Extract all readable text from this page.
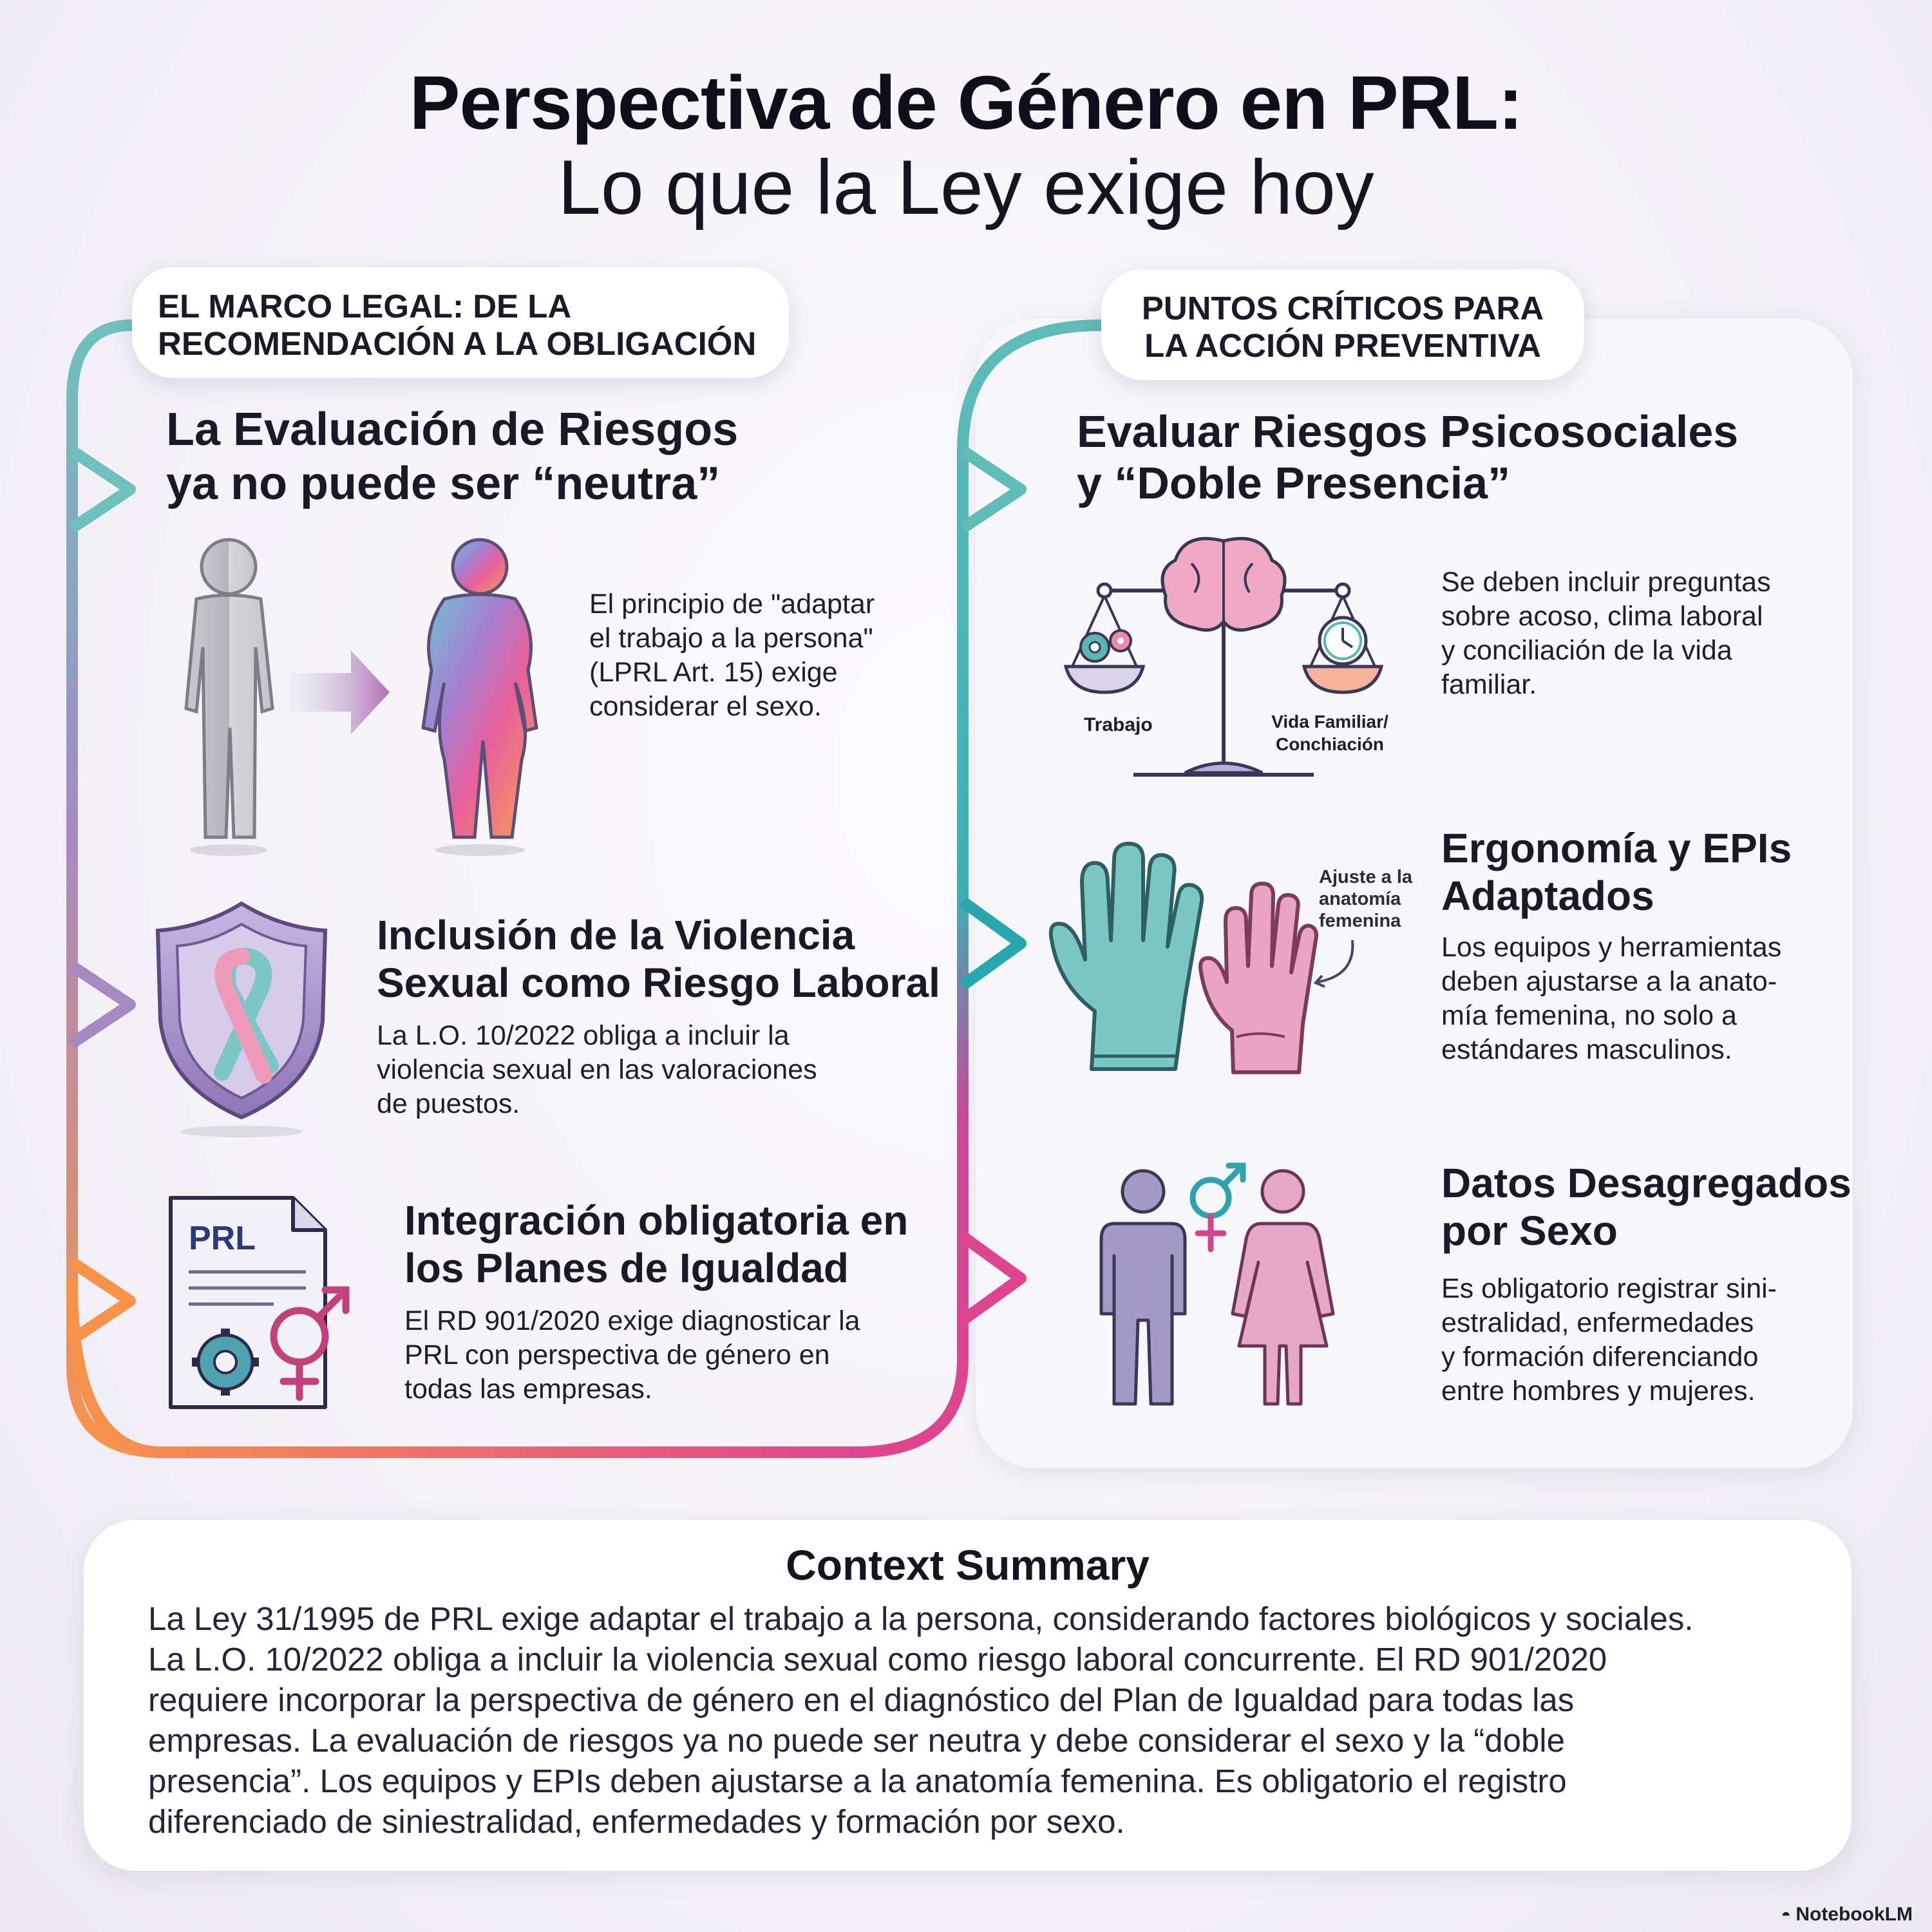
Perspectiva de Género en PRL:
Lo que la Ley exige hoy
EL MARCO LEGAL: DE LA
RECOMENDACIÓN A LA OBLIGACIÓN
PUNTOS CRÍTICOS PARA
LA ACCIÓN PREVENTIVA
La Evaluación de Riesgos
ya no puede ser “neutra”
El principio de "adaptar
el trabajo a la persona"
(LPRL Art. 15) exige
considerar el sexo.
Inclusión de la Violencia
Sexual como Riesgo Laboral
La L.O. 10/2022 obliga a incluir la
violencia sexual en las valoraciones
de puestos.
PRL	Integración obligatoria en
los Planes de Igualdad
El RD 901/2020 exige diagnosticar la
PRL con perspectiva de género en
todas las empresas.
Evaluar Riesgos Psicosociales
y “Doble Presencia”
Trabajo	Vida Familiar/
Conchiación
Se deben incluir preguntas
sobre acoso, clima laboral
y conciliación de la vida
familiar.
Ajuste a la
anatomía
femenina
Ergonomía y EPIs
Adaptados
Los equipos y herramientas
deben ajustarse a la anato-
mía femenina, no solo a
estándares masculinos.
Datos Desagregados
por Sexo
Es obligatorio registrar sini-
estralidad, enfermedades
y formación diferenciando
entre hombres y mujeres.
Context Summary
La Ley 31/1995 de PRL exige adaptar el trabajo a la persona, considerando factores biológicos y sociales.
La L.O. 10/2022 obliga a incluir la violencia sexual como riesgo laboral concurrente. El RD 901/2020
requiere incorporar la perspectiva de género en el diagnóstico del Plan de Igualdad para todas las
empresas. La evaluación de riesgos ya no puede ser neutra y debe considerar el sexo y la “doble
presencia”. Los equipos y EPIs deben ajustarse a la anatomía femenina. Es obligatorio el registro
diferenciado de siniestralidad, enfermedades y formación por sexo.
◓ NotebookLM
